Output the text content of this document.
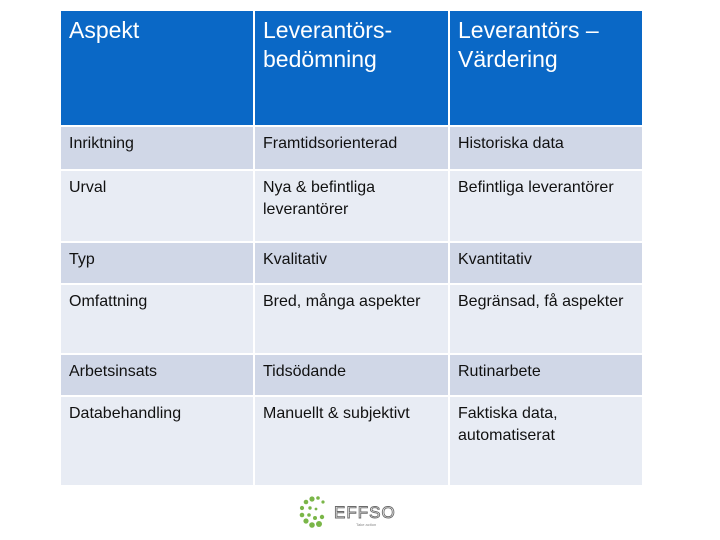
Aspekt	Leverantörs-bedömning	Leverantörs – Värdering
Inriktning	Framtidsorienterad	Historiska data
Urval	Nya & befintliga leverantörer	Befintliga leverantörer
Typ	Kvalitativ	Kvantitativ
Omfattning	Bred, många aspekter	Begränsad, få aspekter
Arbetsinsats	Tidsödande	Rutinarbete
Databehandling	Manuellt & subjektivt	Faktiska data, automatiserat
EFFSO
Take action
